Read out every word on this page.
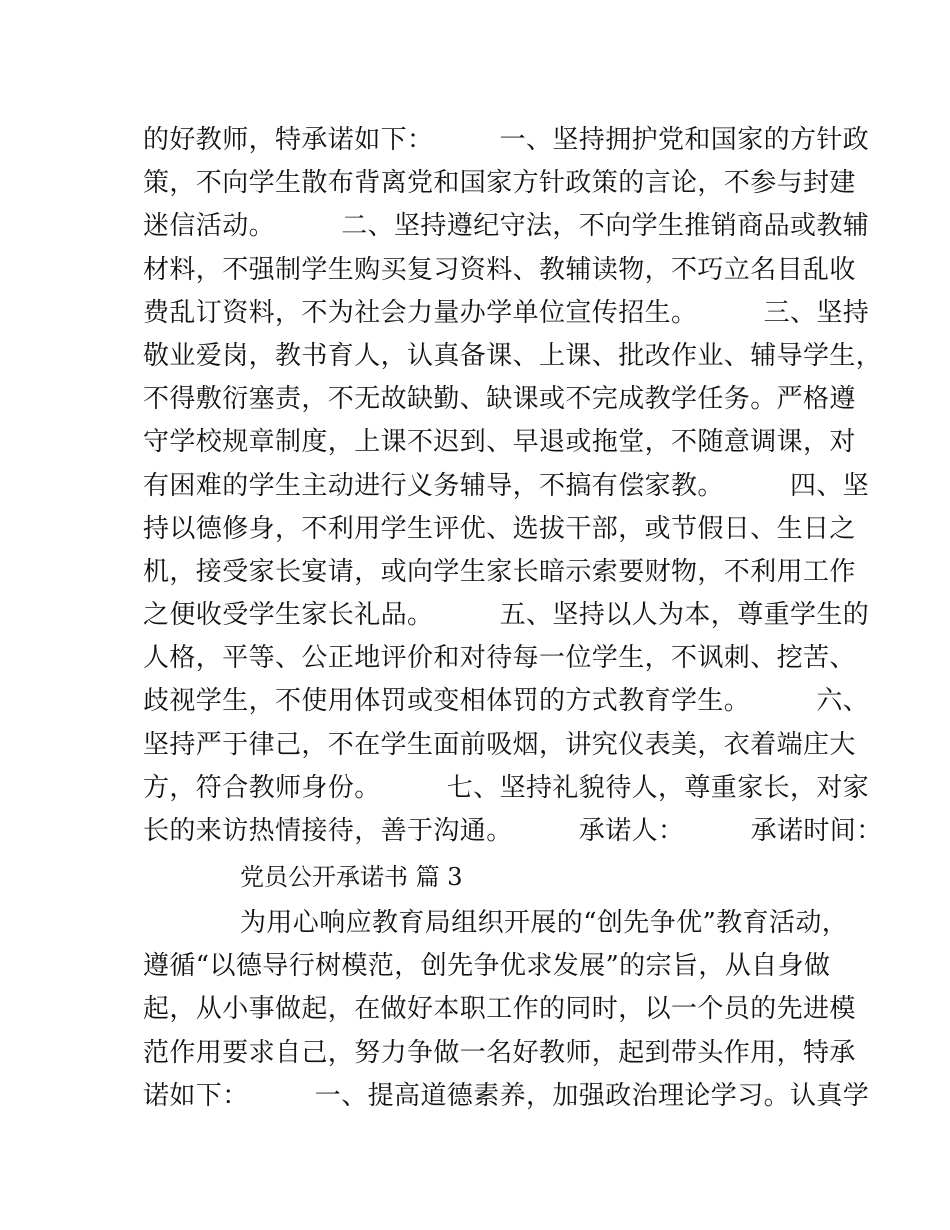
的好教师，特承诺如下：　　　一、坚持拥护党和国家的方针政
策，不向学生散布背离党和国家方针政策的言论，不参与封建
迷信活动。　　　二、坚持遵纪守法，不向学生推销商品或教辅
材料，不强制学生购买复习资料、教辅读物，不巧立名目乱收
费乱订资料，不为社会力量办学单位宣传招生。　　　三、坚持
敬业爱岗，教书育人，认真备课、上课、批改作业、辅导学生，
不得敷衍塞责，不无故缺勤、缺课或不完成教学任务。严格遵
守学校规章制度，上课不迟到、早退或拖堂，不随意调课，对
有困难的学生主动进行义务辅导，不搞有偿家教。　　　四、坚
持以德修身，不利用学生评优、选拔干部，或节假日、生日之
机，接受家长宴请，或向学生家长暗示索要财物，不利用工作
之便收受学生家长礼品。　　　五、坚持以人为本，尊重学生的
人格，平等、公正地评价和对待每一位学生，不讽刺、挖苦、
歧视学生，不使用体罚或变相体罚的方式教育学生。　　　六、
坚持严于律己，不在学生面前吸烟，讲究仪表美，衣着端庄大
方，符合教师身份。　　　七、坚持礼貌待人，尊重家长，对家
长的来访热情接待，善于沟通。　　　承诺人：　　　承诺时间：
党员公开承诺书 篇 3
为用心响应教育局组织开展的“创先争优”教育活动，
遵循“以德导行树模范，创先争优求发展”的宗旨，从自身做
起，从小事做起，在做好本职工作的同时，以一个员的先进模
范作用要求自己，努力争做一名好教师，起到带头作用，特承
诺如下：　　　一、提高道德素养，加强政治理论学习。认真学
